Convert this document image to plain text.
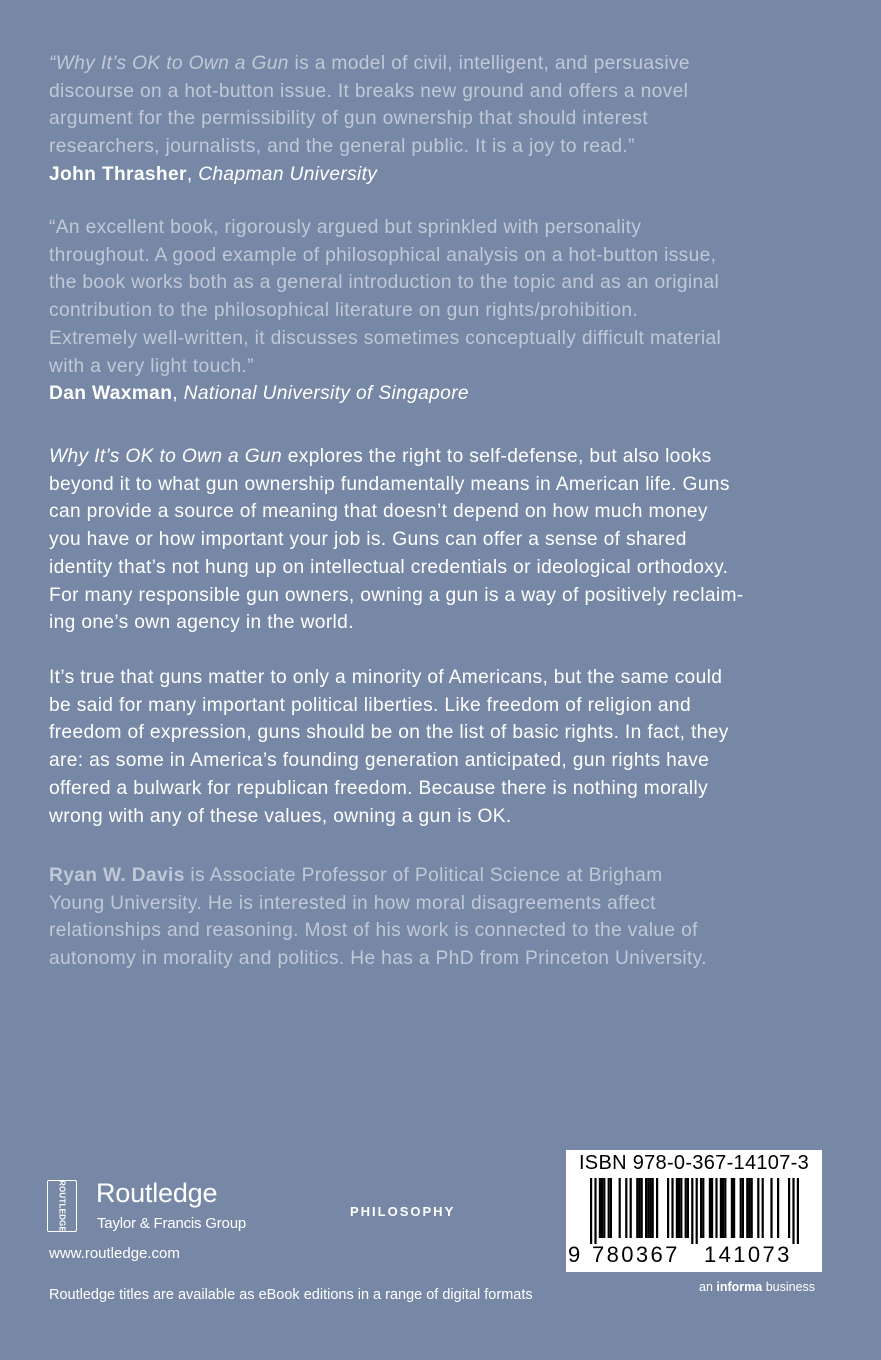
“Why It’s OK to Own a Gun is a model of civil, intelligent, and persuasive
discourse on a hot-button issue. It breaks new ground and offers a novel
argument for the permissibility of gun ownership that should interest
researchers, journalists, and the general public. It is a joy to read.”
John Thrasher, Chapman University
“An excellent book, rigorously argued but sprinkled with personality
throughout. A good example of philosophical analysis on a hot-button issue,
the book works both as a general introduction to the topic and as an original
contribution to the philosophical literature on gun rights/prohibition.
Extremely well-written, it discusses sometimes conceptually difficult material
with a very light touch.”
Dan Waxman, National University of Singapore
Why It’s OK to Own a Gun explores the right to self-defense, but also looks
beyond it to what gun ownership fundamentally means in American life. Guns
can provide a source of meaning that doesn’t depend on how much money
you have or how important your job is. Guns can offer a sense of shared
identity that’s not hung up on intellectual credentials or ideological orthodoxy.
For many responsible gun owners, owning a gun is a way of positively reclaim-
ing one’s own agency in the world.
It’s true that guns matter to only a minority of Americans, but the same could
be said for many important political liberties. Like freedom of religion and
freedom of expression, guns should be on the list of basic rights. In fact, they
are: as some in America’s founding generation anticipated, gun rights have
offered a bulwark for republican freedom. Because there is nothing morally
wrong with any of these values, owning a gun is OK.
Ryan W. Davis is Associate Professor of Political Science at Brigham
Young University. He is interested in how moral disagreements affect
relationships and reasoning. Most of his work is connected to the value of
autonomy in morality and politics. He has a PhD from Princeton University.
ROUTLEDGE Routledge
Taylor & Francis Group
www.routledge.com
PHILOSOPHY
Routledge titles are available as eBook editions in a range of digital formats
ISBN 978-0-367-14107-3
9 780367 141073
an informa business
